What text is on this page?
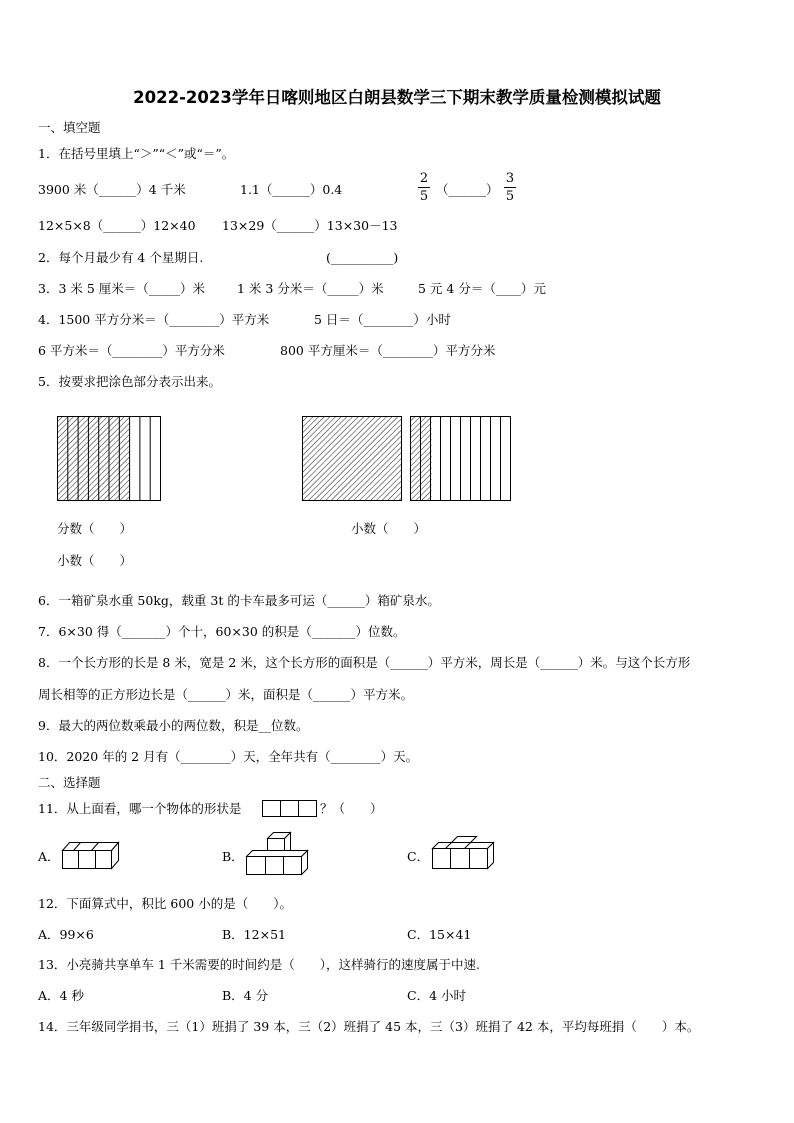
2022-2023学年日喀则地区白朗县数学三下期末教学质量检测模拟试题
一、填空题
1．在括号里填上“＞”“＜”或“＝”。
3900 米（______）4 千米	1.1（______）0.4
2
5 （______）
3
5
12×5×8（______）12×40 13×29（______）13×30－13
2．每个月最少有 4 个星期日.	(__________)
3．3 米 5 厘米＝（_____）米	1 米 3 分米＝（_____）米	5 元 4 分＝（____）元
4．1500 平方分米＝（________）平方米	5 日＝（________）小时
6 平方米＝（________）平方分米	800 平方厘米＝（________）平方分米
5．按要求把涂色部分表示出来。
分数（　　）	小数（　　）
小数（　　）
6．一箱矿泉水重 50kg，载重 3t 的卡车最多可运（______）箱矿泉水。
7．6×30 得（_______）个十，60×30 的积是（_______）位数。
8．一个长方形的长是 8 米，宽是 2 米，这个长方形的面积是（______）平方米，周长是（______）米。与这个长方形
周长相等的正方形边长是（______）米，面积是（______）平方米。
9．最大的两位数乘最小的两位数，积是__位数。
10．2020 年的 2 月有（________）天，全年共有（________）天。
二、选择题
11．从上面看，哪一个物体的形状是	？（　　）
A．	B．	C．
12．下面算式中，积比 600 小的是（　　）。
A．99×6	B．12×51	C．15×41
13．小亮骑共享单车 1 千米需要的时间约是（　　），这样骑行的速度属于中速.
A．4 秒	B．4 分	C．4 小时
14．三年级同学捐书，三（1）班捐了 39 本，三（2）班捐了 45 本，三（3）班捐了 42 本，平均每班捐（　　）本。
